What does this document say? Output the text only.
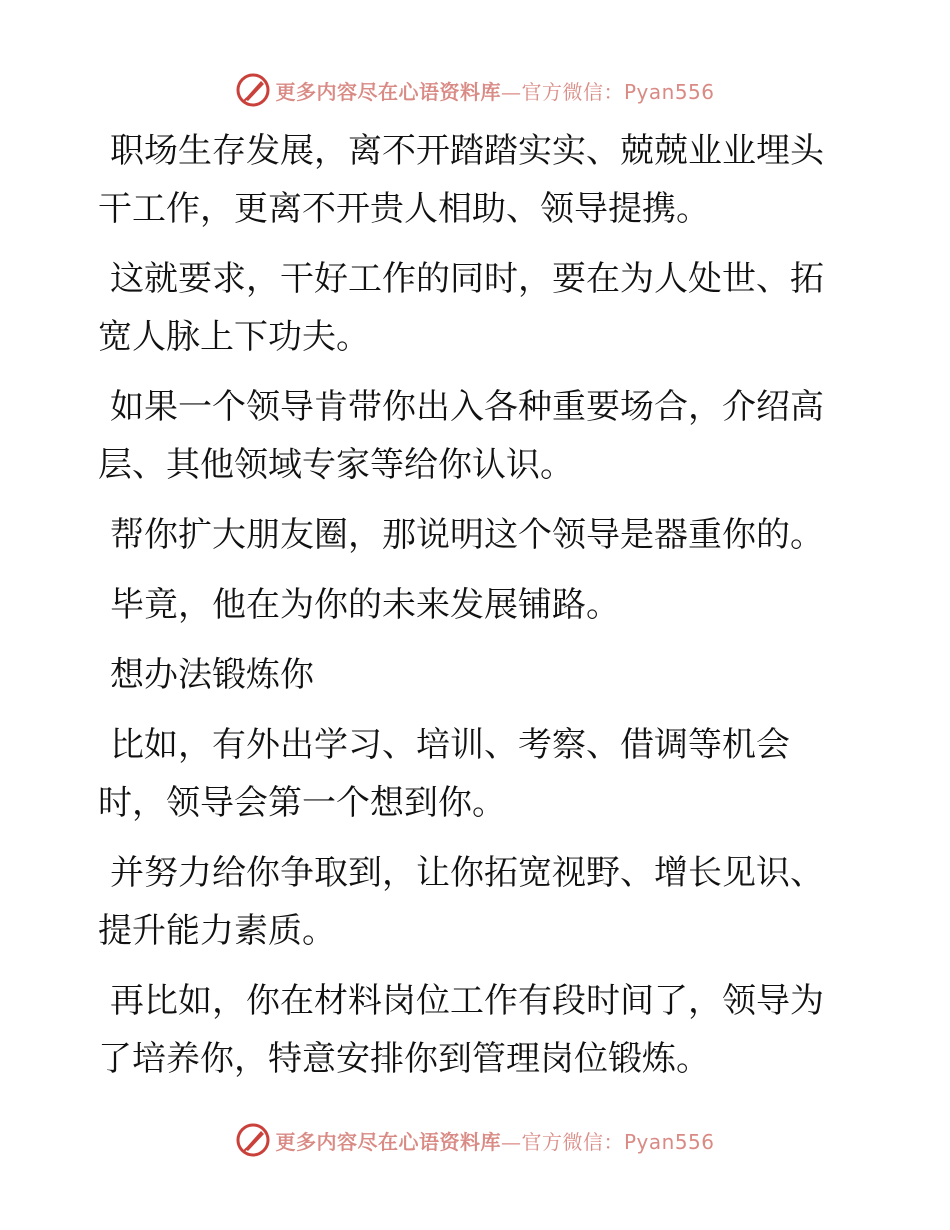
更多内容尽在心语资料库—官方微信：Pyan556
职场生存发展，离不开踏踏实实、兢兢业业埋头
干工作，更离不开贵人相助、领导提携。
这就要求，干好工作的同时，要在为人处世、拓
宽人脉上下功夫。
如果一个领导肯带你出入各种重要场合，介绍高
层、其他领域专家等给你认识。
帮你扩大朋友圈，那说明这个领导是器重你的。
毕竟，他在为你的未来发展铺路。
想办法锻炼你
比如，有外出学习、培训、考察、借调等机会
时，领导会第一个想到你。
并努力给你争取到，让你拓宽视野、增长见识、
提升能力素质。
再比如，你在材料岗位工作有段时间了，领导为
了培养你，特意安排你到管理岗位锻炼。
更多内容尽在心语资料库—官方微信：Pyan556
